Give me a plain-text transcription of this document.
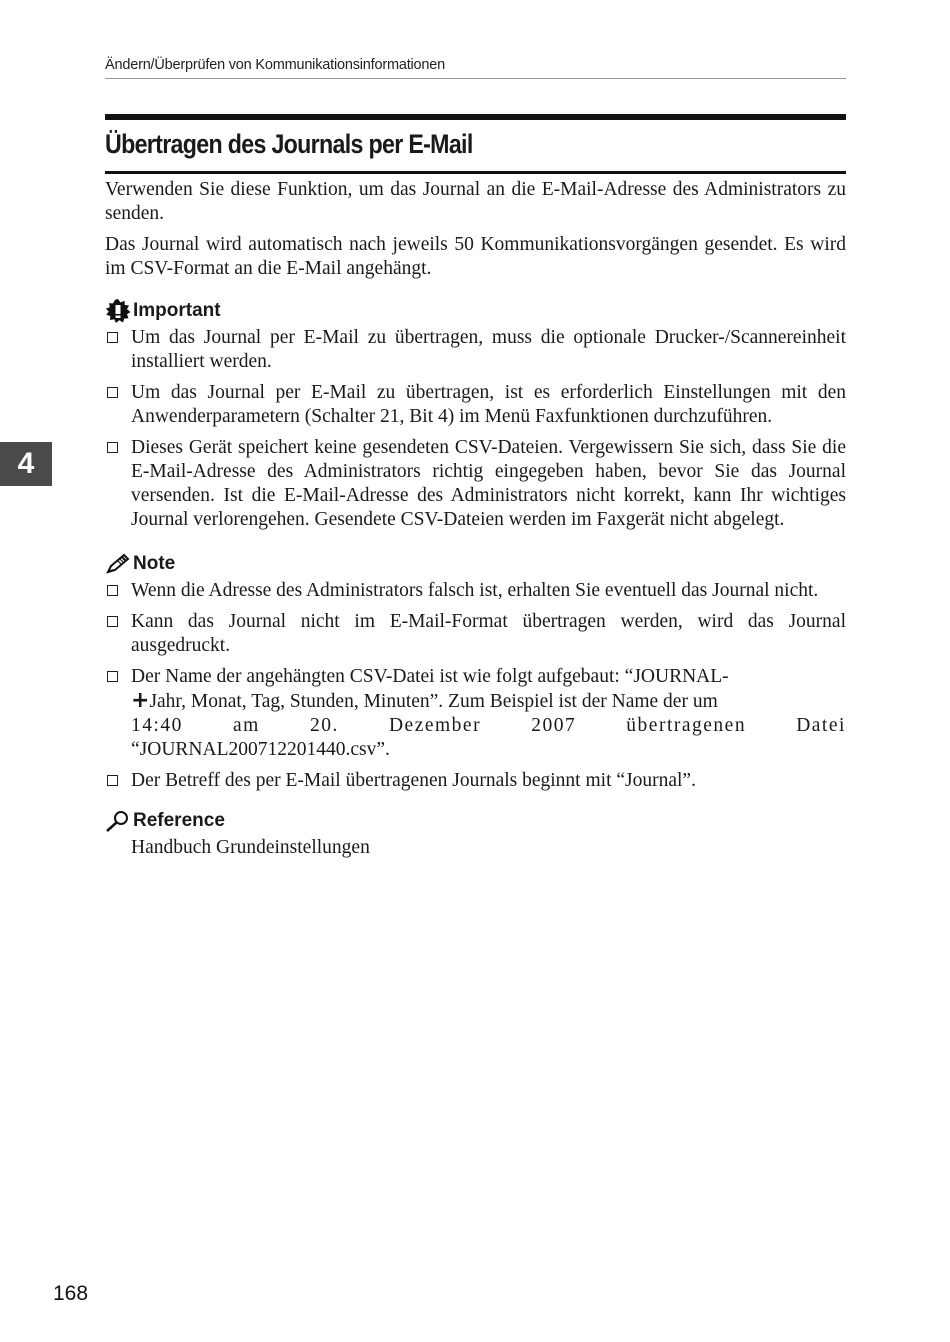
Ändern/Überprüfen von Kommunikationsinformationen
Übertragen des Journals per E-Mail
4

Verwenden Sie diese Funktion, um das Journal an die E-Mail-Adresse des Administrators zu senden.

Das Journal wird automatisch nach jeweils 50 Kommunikationsvorgängen gesendet. Es wird im CSV-Format an die E-Mail angehängt.

Important
Um das Journal per E-Mail zu übertragen, muss die optionale Drucker-/Scannereinheit installiert werden.
Um das Journal per E-Mail zu übertragen, ist es erforderlich Einstellungen mit den Anwenderparametern (Schalter 21, Bit 4) im Menü Faxfunktionen durchzuführen.
Dieses Gerät speichert keine gesendeten CSV-Dateien. Vergewissern Sie sich, dass Sie die E-Mail-Adresse des Administrators richtig eingegeben haben, bevor Sie das Journal versenden. Ist die E-Mail-Adresse des Administrators nicht korrekt, kann Ihr wichtiges Journal verlorengehen. Gesendete CSV-Dateien werden im Faxgerät nicht abgelegt.
Note
Wenn die Adresse des Administrators falsch ist, erhalten Sie eventuell das Journal nicht.
Kann das Journal nicht im E-Mail-Format übertragen werden, wird das Journal ausgedruckt.
Der Name der angehängten CSV-Datei ist wie folgt aufgebaut: “JOURNAL-
+Jahr, Monat, Tag, Stunden, Minuten”. Zum Beispiel ist der Name der um
14:40	am	20.	Dezember	2007	übertragenen	Datei
“JOURNAL200712201440.csv”.
Der Betreff des per E-Mail übertragenen Journals beginnt mit “Journal”.
Reference
Handbuch Grundeinstellungen
168
